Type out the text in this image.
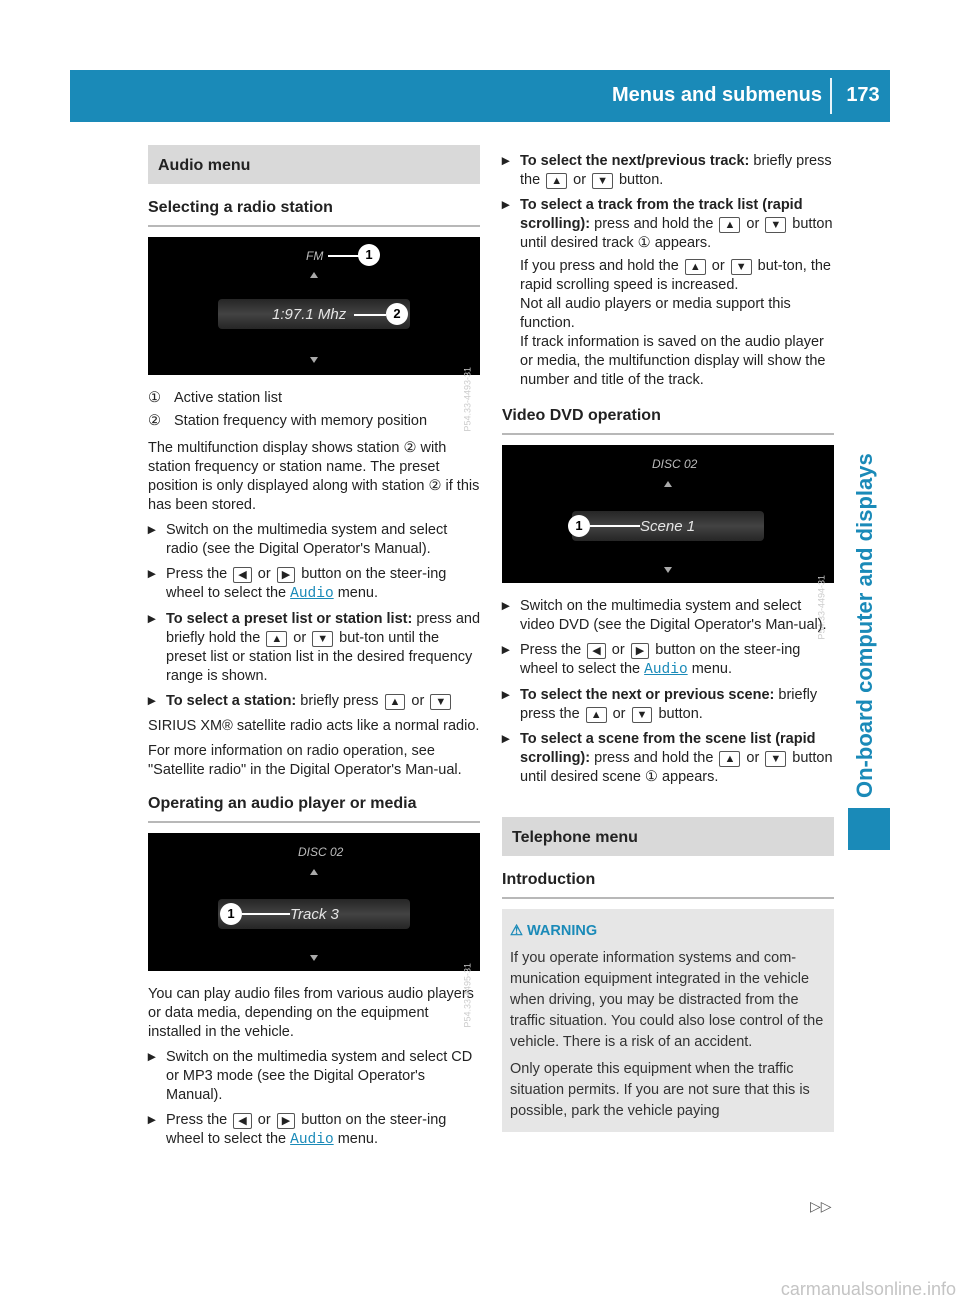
Menus and submenus	173
On-board computer and displays
Audio menu
Selecting a radio station
FM	1
1:97.1 Mhz	2
P54.33-4493-31
① Active station list
② Station frequency with memory position

The multifunction display shows station ② with station frequency or station name. The preset position is only displayed along with station ② if this has been stored.

▸ Switch on the multimedia system and select radio (see the Digital Operator's Manual).
▸ Press the ◀ or ▶ button on the steer-ing wheel to select the Audio menu.
▸ To select a preset list or station list: press and briefly hold the ▲ or ▼ but-ton until the preset list or station list in the desired frequency range is shown.
▸ To select a station: briefly press ▲ or ▼

SIRIUS XM® satellite radio acts like a normal radio.

For more information on radio operation, see "Satellite radio" in the Digital Operator's Man-ual.

Operating an audio player or media
DISC 02
1	Track 3
P54.33-4495-31

You can play audio files from various audio players or data media, depending on the equipment installed in the vehicle.

▸ Switch on the multimedia system and select CD or MP3 mode (see the Digital Operator's Manual).
▸ Press the ◀ or ▶ button on the steer-ing wheel to select the Audio menu.
▸ To select the next/previous track: briefly press the ▲ or ▼ button.
▸ To select a track from the track list (rapid scrolling): press and hold the ▲ or ▼ button until desired track ① appears.
If you press and hold the ▲ or ▼ but-ton, the rapid scrolling speed is increased.
Not all audio players or media support this function.
If track information is saved on the audio player or media, the multifunction display will show the number and title of the track.
Video DVD operation
DISC 02
1	Scene 1
P54.33-4494-31
▸ Switch on the multimedia system and select video DVD (see the Digital Operator's Man-ual).
▸ Press the ◀ or ▶ button on the steer-ing wheel to select the Audio menu.
▸ To select the next or previous scene: briefly press the ▲ or ▼ button.
▸ To select a scene from the scene list (rapid scrolling): press and hold the ▲ or ▼ button until desired scene ① appears.
Telephone menu
Introduction
⚠ WARNING

If you operate information systems and com-munication equipment integrated in the vehicle when driving, you may be distracted from the traffic situation. You could also lose control of the vehicle. There is a risk of an accident.

Only operate this equipment when the traffic situation permits. If you are not sure that this is possible, park the vehicle paying

▷▷
carmanualsonline.info
